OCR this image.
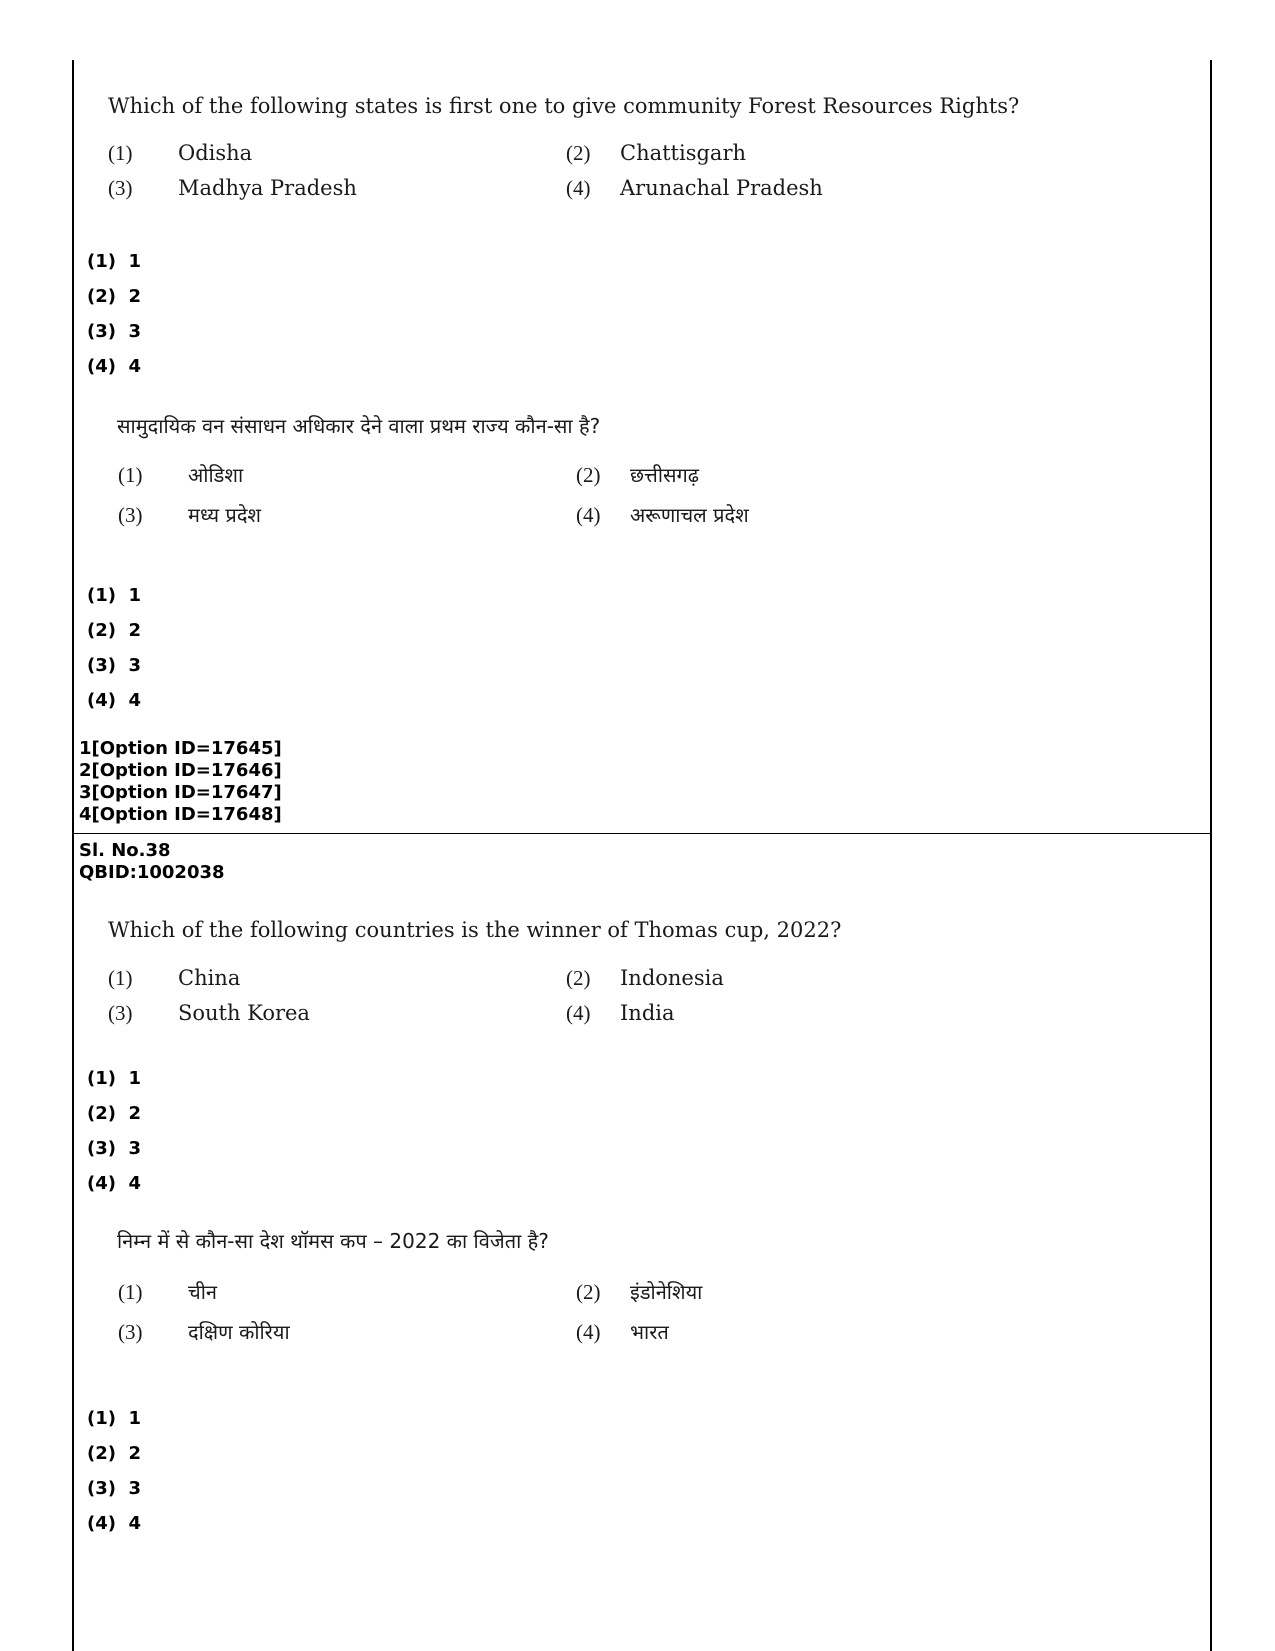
Which of the following states is first one to give community Forest Resources Rights?
(1) Odisha	(2) Chattisgarh
(3) Madhya Pradesh	(4) Arunachal Pradesh
(1)  1
(2)  2
(3)  3
(4)  4
सामुदायिक वन संसाधन अधिकार देने वाला प्रथम राज्य कौन-सा है?
(1) ओडिशा	(2) छत्तीसगढ़
(3) मध्य प्रदेश	(4) अरूणाचल प्रदेश
(1)  1
(2)  2
(3)  3
(4)  4
1[Option ID=17645]
2[Option ID=17646]
3[Option ID=17647]
4[Option ID=17648]
Sl. No.38
QBID:1002038
Which of the following countries is the winner of Thomas cup, 2022?
(1) China	(2) Indonesia
(3) South Korea	(4) India
(1)  1
(2)  2
(3)  3
(4)  4
निम्न में से कौन-सा देश थॉमस कप – 2022 का विजेता है?
(1) चीन	(2) इंडोनेशिया
(3) दक्षिण कोरिया	(4) भारत
(1)  1
(2)  2
(3)  3
(4)  4
